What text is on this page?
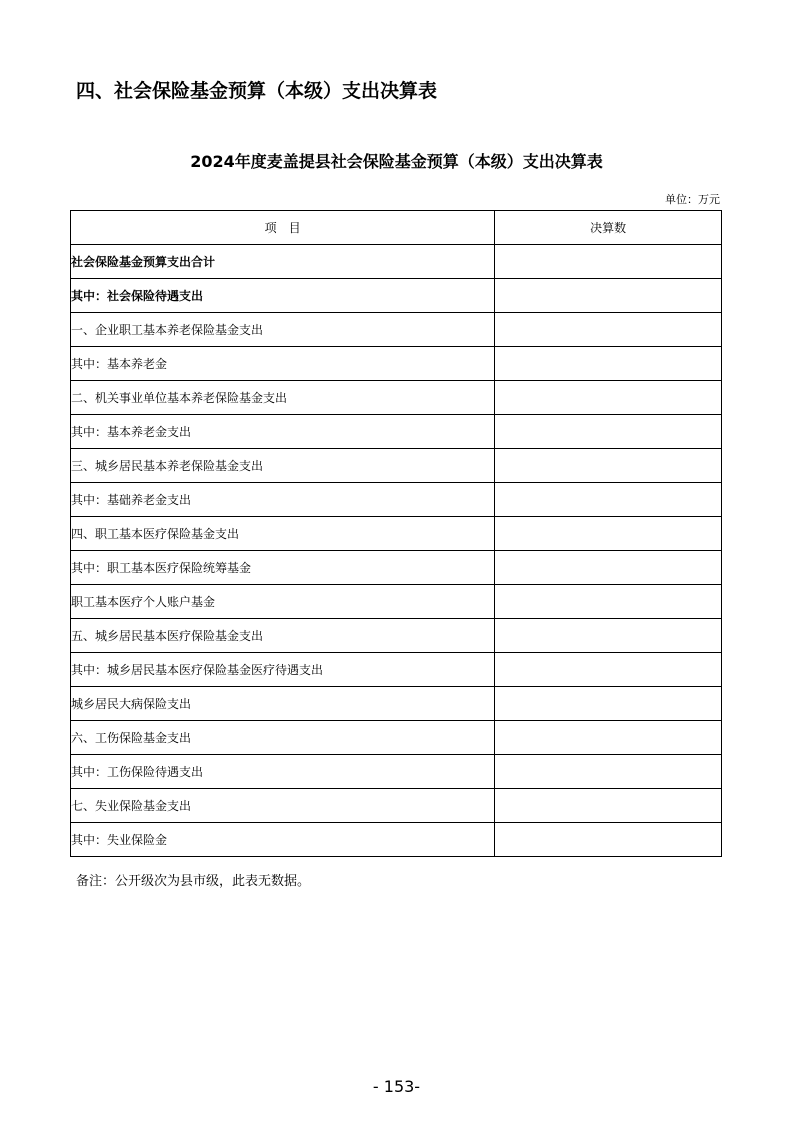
四、社会保险基金预算（本级）支出决算表
2024年度麦盖提县社会保险基金预算（本级）支出决算表
单位：万元
项　目	决算数
社会保险基金预算支出合计	
其中：社会保险待遇支出	
一、企业职工基本养老保险基金支出	
其中：基本养老金	
二、机关事业单位基本养老保险基金支出	
其中：基本养老金支出	
三、城乡居民基本养老保险基金支出	
其中：基础养老金支出	
四、职工基本医疗保险基金支出	
其中：职工基本医疗保险统筹基金	
职工基本医疗个人账户基金	
五、城乡居民基本医疗保险基金支出	
其中：城乡居民基本医疗保险基金医疗待遇支出	
城乡居民大病保险支出	
六、工伤保险基金支出	
其中：工伤保险待遇支出	
七、失业保险基金支出	
其中：失业保险金	
备注：公开级次为县市级，此表无数据。
- 153-
